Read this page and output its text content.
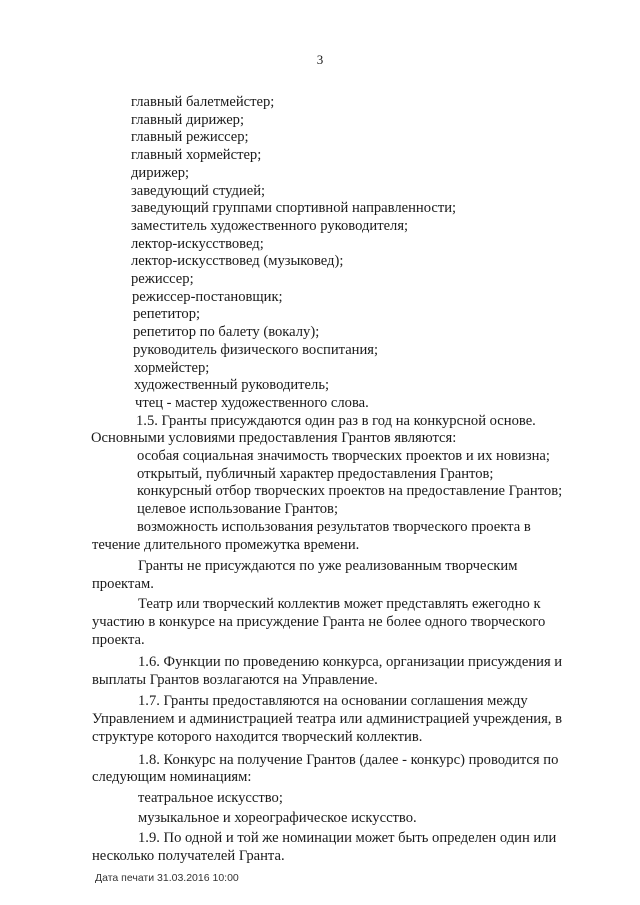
3
главный балетмейстер;
главный дирижер;
главный режиссер;
главный хормейстер;
дирижер;
заведующий студией;
заведующий группами спортивной направленности;
заместитель художественного руководителя;
лектор-искусствовед;
лектор-искусствовед (музыковед);
режиссер;
режиссер-постановщик;
репетитор;
репетитор по балету (вокалу);
руководитель физического воспитания;
хормейстер;
художественный руководитель;
чтец - мастер художественного слова.
1.5. Гранты присуждаются один раз в год на конкурсной основе.
Основными условиями предоставления Грантов являются:
особая социальная значимость творческих проектов и их новизна;
открытый, публичный характер предоставления Грантов;
конкурсный отбор творческих проектов на предоставление Грантов;
целевое использование Грантов;
возможность использования результатов творческого проекта в
течение длительного промежутка времени.
Гранты не присуждаются по уже реализованным творческим
проектам.
Театр или творческий коллектив может представлять ежегодно к
участию в конкурсе на присуждение Гранта не более одного творческого
проекта.
1.6. Функции по проведению конкурса, организации присуждения и
выплаты Грантов возлагаются на Управление.
1.7. Гранты предоставляются на основании соглашения между
Управлением и администрацией театра или администрацией учреждения, в
структуре которого находится творческий коллектив.
1.8. Конкурс на получение Грантов (далее - конкурс) проводится по
следующим номинациям:
театральное искусство;
музыкальное и хореографическое искусство.
1.9. По одной и той же номинации может быть определен один или
несколько получателей Гранта.
Дата печати 31.03.2016 10:00
